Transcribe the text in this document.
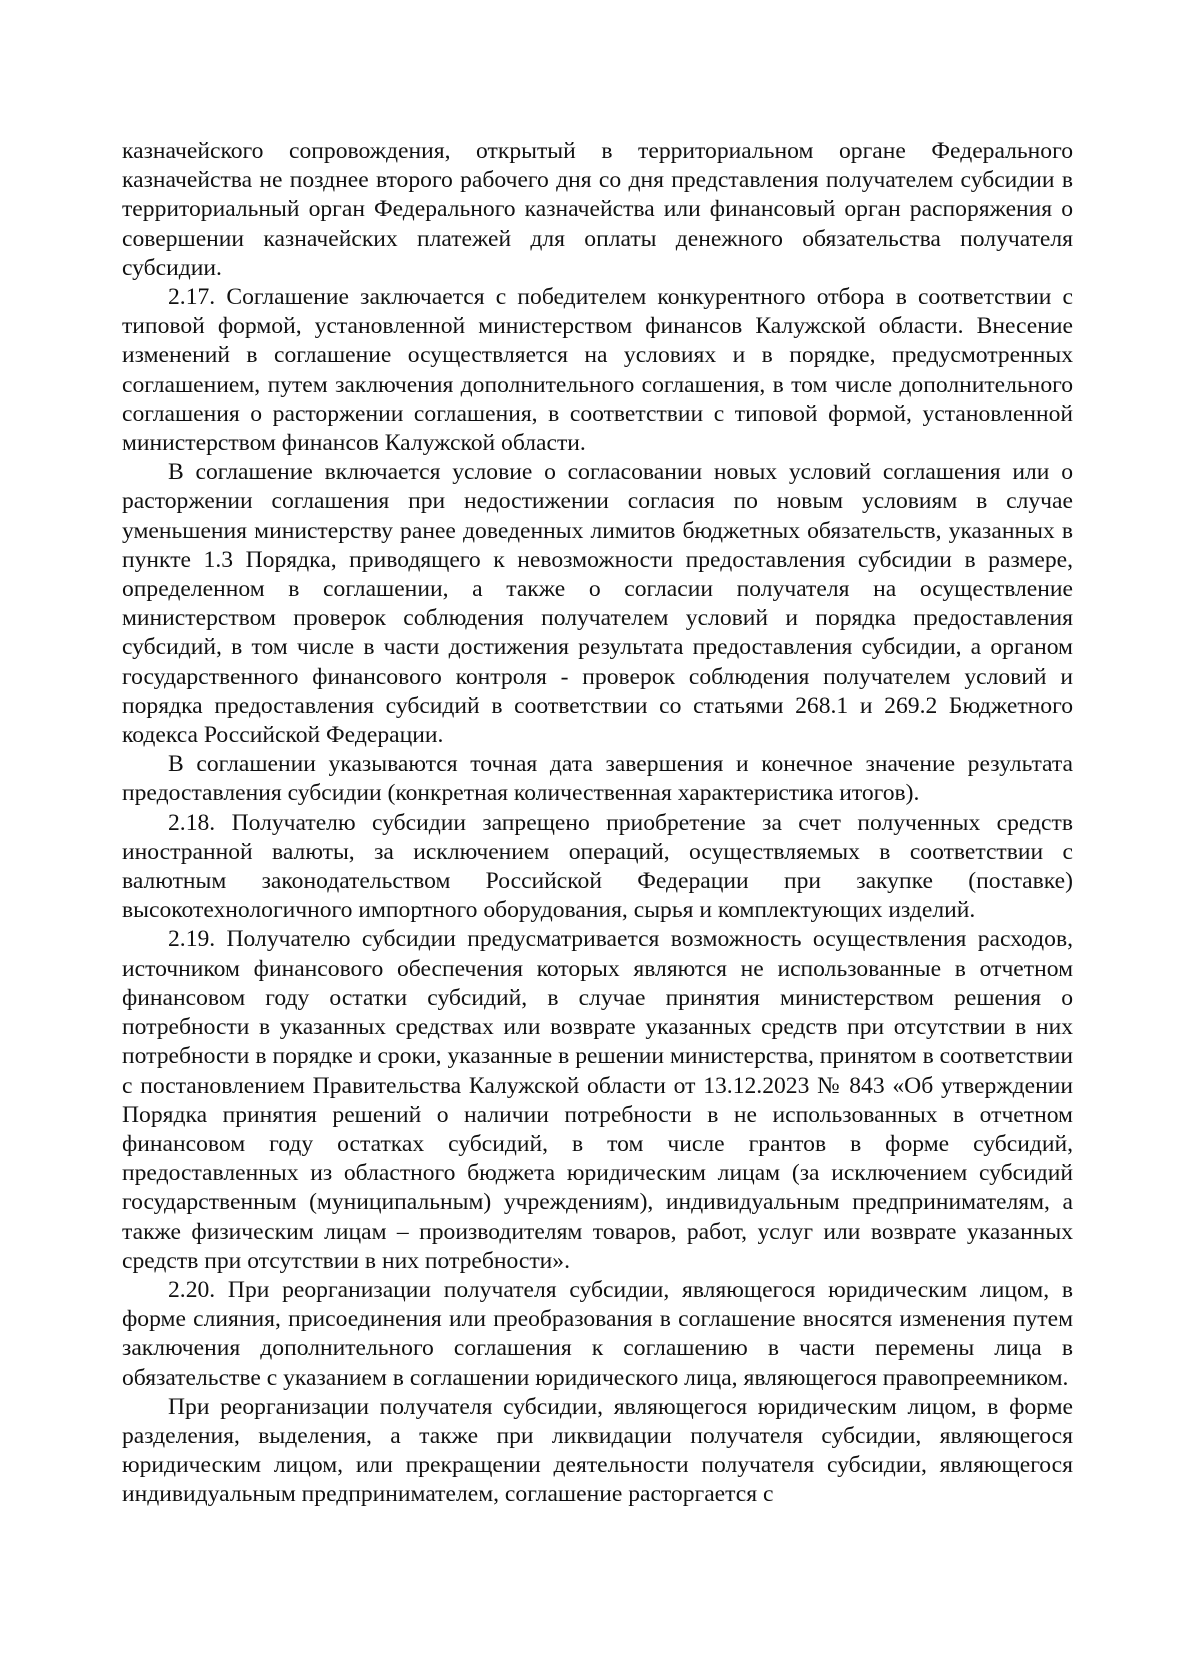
казначейского сопровождения, открытый в территориальном органе Федерального казначейства не позднее второго рабочего дня со дня представления получателем субсидии в территориальный орган Федерального казначейства или финансовый орган распоряжения о совершении казначейских платежей для оплаты денежного обязательства получателя субсидии.

2.17. Соглашение заключается с победителем конкурентного отбора в соответствии с типовой формой, установленной министерством финансов Калужской области. Внесение изменений в соглашение осуществляется на условиях и в порядке, предусмотренных соглашением, путем заключения дополнительного соглашения, в том числе дополнительного соглашения о расторжении соглашения, в соответствии с типовой формой, установленной министерством финансов Калужской области.

В соглашение включается условие о согласовании новых условий соглашения или о расторжении соглашения при недостижении согласия по новым условиям в случае уменьшения министерству ранее доведенных лимитов бюджетных обязательств, указанных в пункте 1.3 Порядка, приводящего к невозможности предоставления субсидии в размере, определенном в соглашении, а также о согласии получателя на осуществление министерством проверок соблюдения получателем условий и порядка предоставления субсидий, в том числе в части достижения результата предоставления субсидии, а органом государственного финансового контроля - проверок соблюдения получателем условий и порядка предоставления субсидий в соответствии со статьями 268.1 и 269.2 Бюджетного кодекса Российской Федерации.

В соглашении указываются точная дата завершения и конечное значение результата предоставления субсидии (конкретная количественная характеристика итогов).

2.18. Получателю субсидии запрещено приобретение за счет полученных средств иностранной валюты, за исключением операций, осуществляемых в соответствии с валютным законодательством Российской Федерации при закупке (поставке) высокотехнологичного импортного оборудования, сырья и комплектующих изделий.

2.19. Получателю субсидии предусматривается возможность осуществления расходов, источником финансового обеспечения которых являются не использованные в отчетном финансовом году остатки субсидий, в случае принятия министерством решения о потребности в указанных средствах или возврате указанных средств при отсутствии в них потребности в порядке и сроки, указанные в решении министерства, принятом в соответствии с постановлением Правительства Калужской области от 13.12.2023 № 843 «Об утверждении Порядка принятия решений о наличии потребности в не использованных в отчетном финансовом году остатках субсидий, в том числе грантов в форме субсидий, предоставленных из областного бюджета юридическим лицам (за исключением субсидий государственным (муниципальным) учреждениям), индивидуальным предпринимателям, а также физическим лицам – производителям товаров, работ, услуг или возврате указанных средств при отсутствии в них потребности».

2.20. При реорганизации получателя субсидии, являющегося юридическим лицом, в форме слияния, присоединения или преобразования в соглашение вносятся изменения путем заключения дополнительного соглашения к соглашению в части перемены лица в обязательстве с указанием в соглашении юридического лица, являющегося правопреемником.

При реорганизации получателя субсидии, являющегося юридическим лицом, в форме разделения, выделения, а также при ликвидации получателя субсидии, являющегося юридическим лицом, или прекращении деятельности получателя субсидии, являющегося индивидуальным предпринимателем, соглашение расторгается с
